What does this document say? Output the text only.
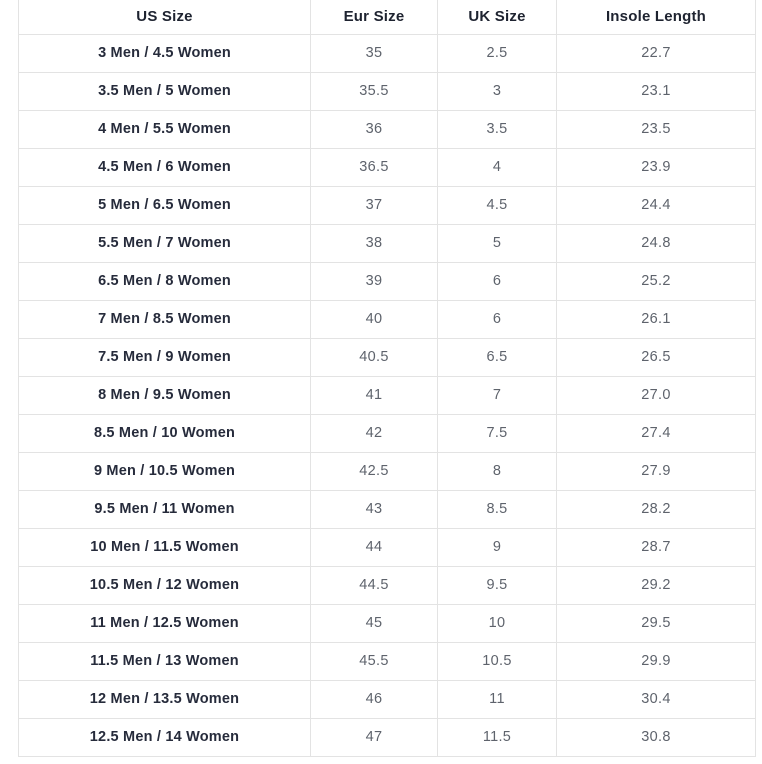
US Size	Eur Size	UK Size	Insole Length
3 Men / 4.5 Women	35	2.5	22.7
3.5 Men / 5 Women	35.5	3	23.1
4 Men / 5.5 Women	36	3.5	23.5
4.5 Men / 6 Women	36.5	4	23.9
5 Men / 6.5 Women	37	4.5	24.4
5.5 Men / 7 Women	38	5	24.8
6.5 Men / 8 Women	39	6	25.2
7 Men / 8.5 Women	40	6	26.1
7.5 Men / 9 Women	40.5	6.5	26.5
8 Men / 9.5 Women	41	7	27.0
8.5 Men / 10 Women	42	7.5	27.4
9 Men / 10.5 Women	42.5	8	27.9
9.5 Men / 11 Women	43	8.5	28.2
10 Men / 11.5 Women	44	9	28.7
10.5 Men / 12 Women	44.5	9.5	29.2
11 Men / 12.5 Women	45	10	29.5
11.5 Men / 13 Women	45.5	10.5	29.9
12 Men / 13.5 Women	46	11	30.4
12.5 Men / 14 Women	47	11.5	30.8
